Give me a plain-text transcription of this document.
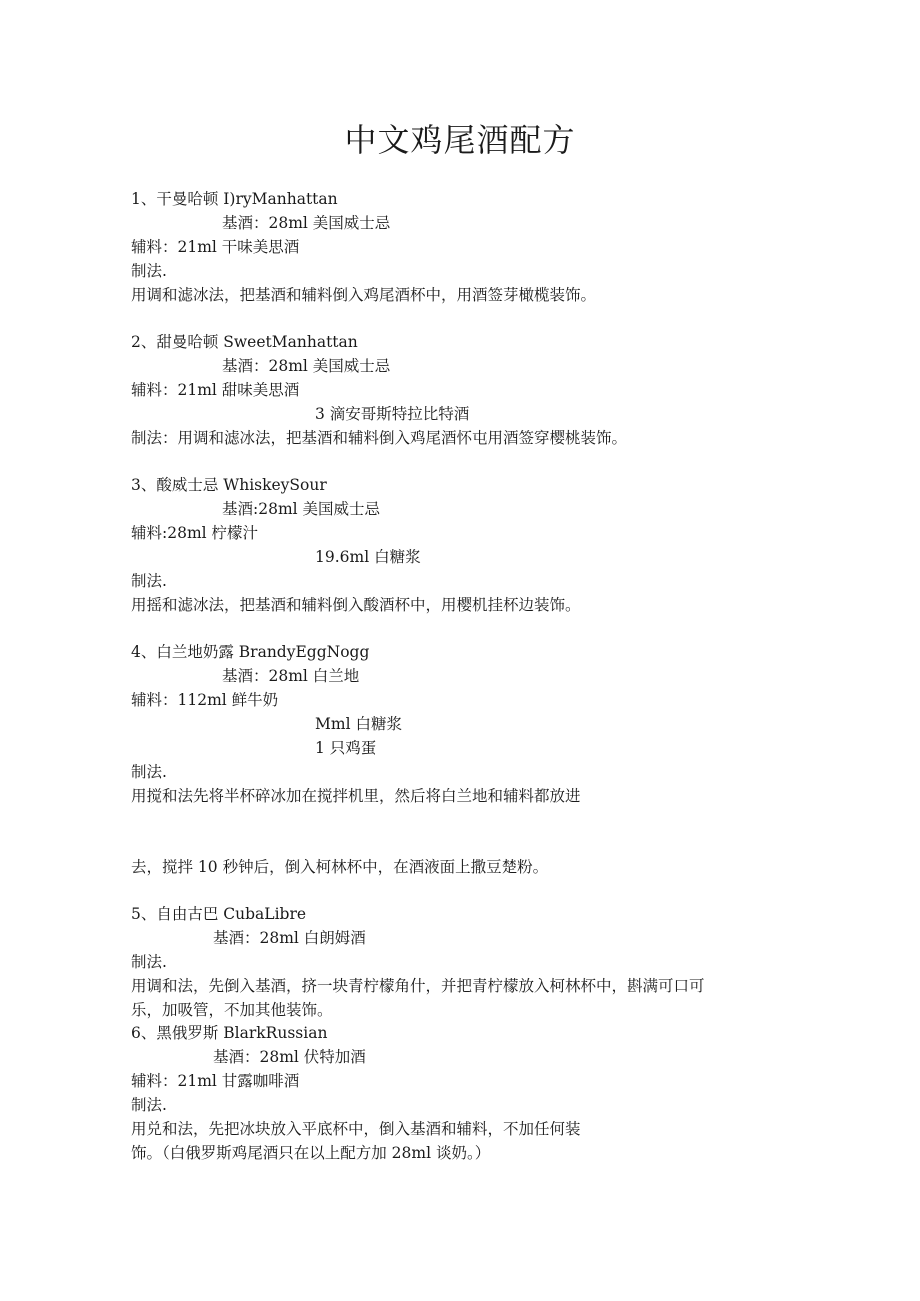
中文鸡尾酒配方
1、干曼哈顿 I)ryManhattan
基酒：28ml 美国威士忌
辅料：21ml 干味美思酒
制法.
用调和滤冰法，把基酒和辅料倒入鸡尾酒杯中，用酒签芽橄榄装饰。
2、甜曼哈顿 SweetManhattan
基酒：28ml 美国威士忌
辅料：21ml 甜味美思酒
3 滴安哥斯特拉比特酒
制法：用调和滤冰法，把基酒和辅料倒入鸡尾酒怀屯用酒签穿樱桃装饰。
3、酸威士忌 WhiskeySour
基酒:28ml 美国威士忌
辅料:28ml 柠檬汁
19.6ml 白糖浆
制法.
用摇和滤冰法，把基酒和辅料倒入酸酒杯中，用樱机挂杯边装饰。
4、白兰地奶露 BrandyEggNogg
基酒：28ml 白兰地
辅料：112ml 鲜牛奶
Mml 白糖浆
1 只鸡蛋
制法.
用搅和法先将半杯碎冰加在搅拌机里，然后将白兰地和辅料都放进
去，搅拌 10 秒钟后，倒入柯林杯中，在酒液面上撒豆楚粉。
5、自由古巴 CubaLibre
基酒：28ml 白朗姆酒
制法.
用调和法，先倒入基酒，挤一块青柠檬角什，并把青柠檬放入柯林杯中，斟满可口可
乐，加吸管，不加其他装饰。
6、黑俄罗斯 BlarkRussian
基酒：28ml 伏特加酒
辅料：21ml 甘露咖啡酒
制法.
用兑和法，先把冰块放入平底杯中，倒入基酒和辅料，不加任何装
饰。（白俄罗斯鸡尾酒只在以上配方加 28ml 谈奶。）
